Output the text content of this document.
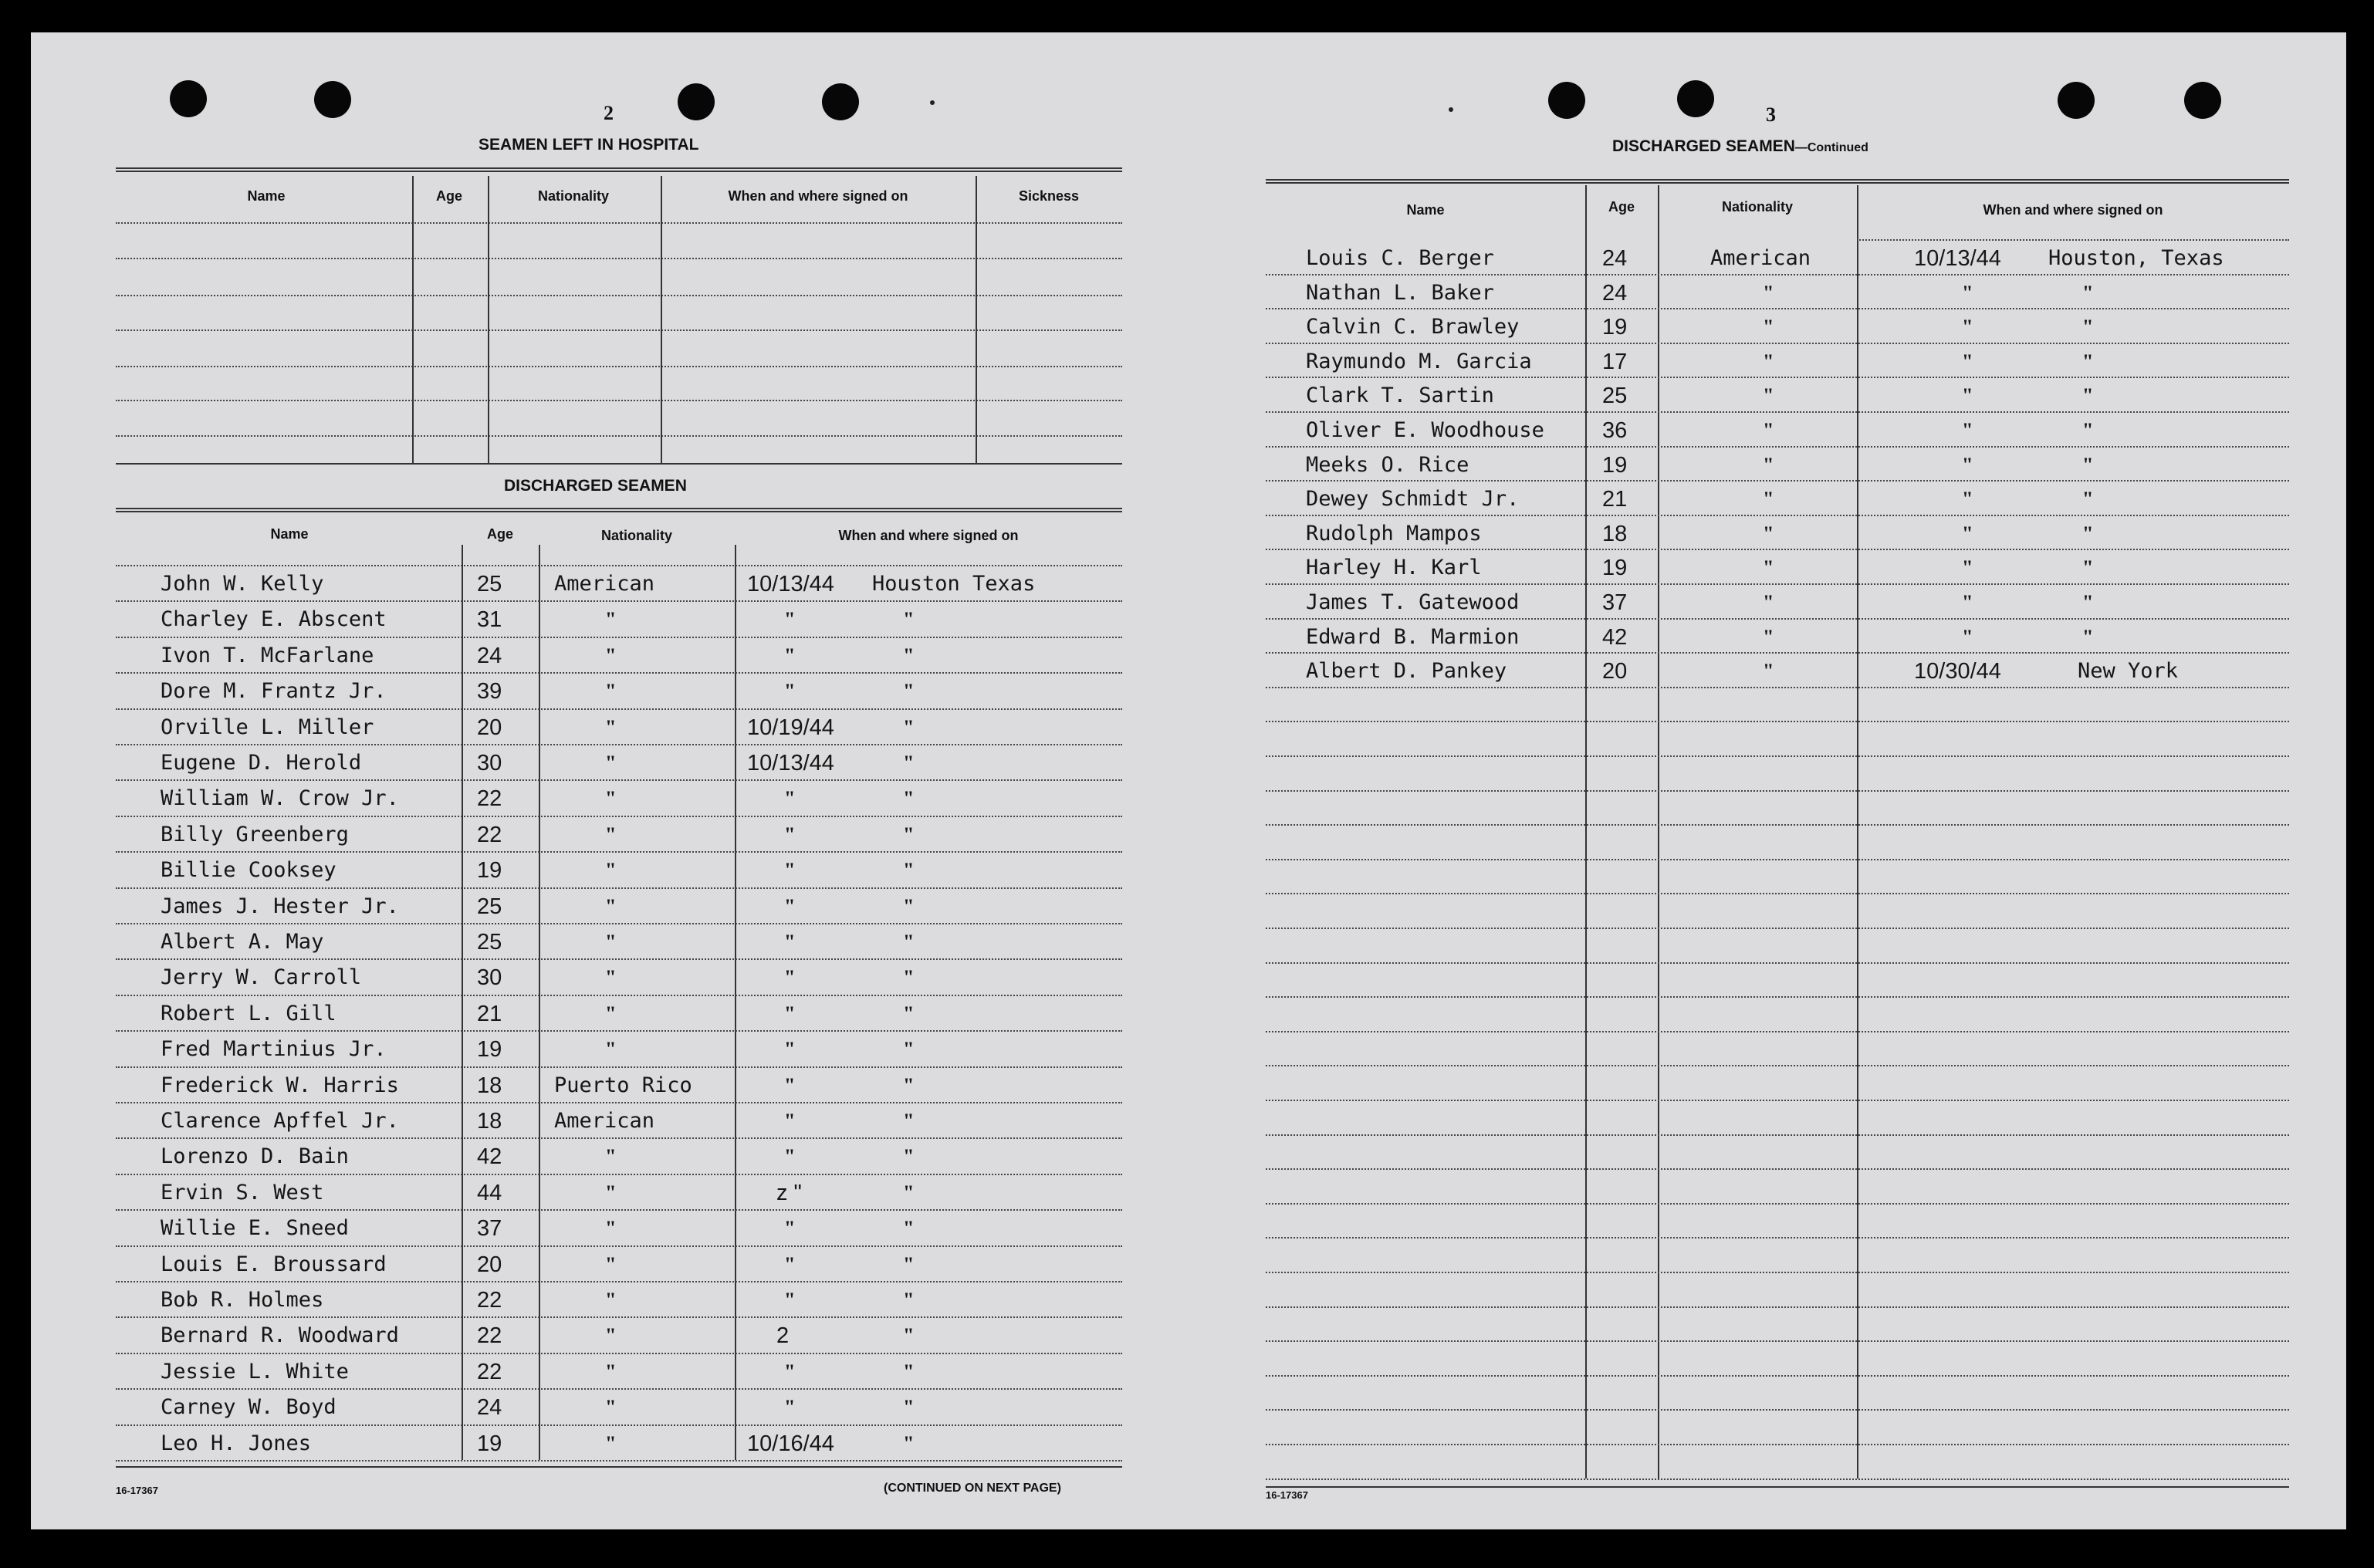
2
SEAMEN LEFT IN HOSPITAL
Name	Age	Nationality	When and where signed on	Sickness
DISCHARGED SEAMEN
Name	Age	Nationality	When and where signed on
John W. Kelly	25	American	10/13/44 Houston Texas
Charley E. Abscent	31	"	"	"
Ivon T. McFarlane	24	"	"	"
Dore M. Frantz Jr.	39	"	"	"
Orville L. Miller	20	"	10/19/44	"
Eugene D. Herold	30	"	10/13/44	"
William W. Crow Jr.	22	"	"	"
Billy Greenberg	22	"	"	"
Billie Cooksey	19	"	"	"
James J. Hester Jr.	25	"	"	"
Albert A. May	25	"	"	"
Jerry W. Carroll	30	"	"	"
Robert L. Gill	21	"	"	"
Fred Martinius Jr.	19	"	"	"
Frederick W. Harris	18	Puerto Rico	"	"
Clarence Apffel Jr.	18	American	"	"
Lorenzo D. Bain	42	"	"	"
Ervin S. West	44	"	z "	"
Willie E. Sneed	37	"	"	"
Louis E. Broussard	20	"	"	"
Bob R. Holmes	22	"	"	"
Bernard R. Woodward	22	"	2	"
Jessie L. White	22	"	"	"
Carney W. Boyd	24	"	"	"
Leo H. Jones	19	"	10/16/44	"
16-17367	(CONTINUED ON NEXT PAGE)
3
DISCHARGED SEAMEN—Continued
Name	Age	Nationality	When and where signed on
Louis C. Berger	24	American	10/13/44 Houston, Texas
Nathan L. Baker	24	"	"	"
Calvin C. Brawley	19	"	"	"
Raymundo M. Garcia	17	"	"	"
Clark T. Sartin	25	"	"	"
Oliver E. Woodhouse	36	"	"	"
Meeks O. Rice	19	"	"	"
Dewey Schmidt Jr.	21	"	"	"
Rudolph Mampos	18	"	"	"
Harley H. Karl	19	"	"	"
James T. Gatewood	37	"	"	"
Edward B. Marmion	42	"	"	"
Albert D. Pankey	20	"	10/30/44	New York
16-17367
